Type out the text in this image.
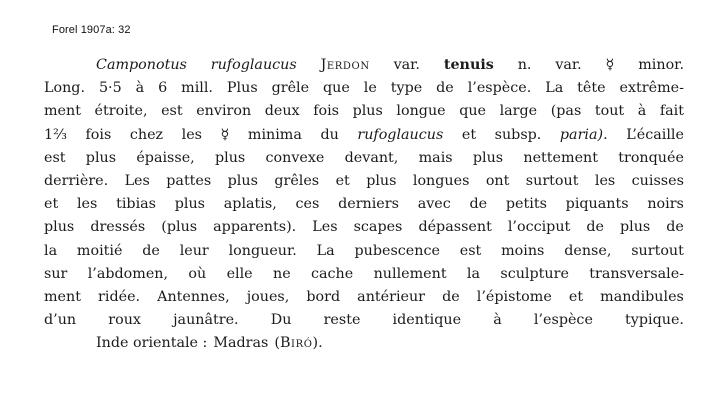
Forel 1907a: 32
Camponotus rufoglaucus Jerdon var. tenuis n. var. ☿ minor.
Long. 5·5 à 6 mill. Plus grêle que le type de l’espèce. La tête extrême-
ment étroite, est environ deux fois plus longue que large (pas tout à fait
1⅔ fois chez les ☿ minima du rufoglaucus et subsp. paria). L’écaille
est plus épaisse, plus convexe devant, mais plus nettement tronquée
derrière. Les pattes plus grêles et plus longues ont surtout les cuisses
et les tibias plus aplatis, ces derniers avec de petits piquants noirs
plus dressés (plus apparents). Les scapes dépassent l’occiput de plus de
la moitié de leur longueur. La pubescence est moins dense, surtout
sur l’abdomen, où elle ne cache nullement la sculpture transversale-
ment ridée. Antennes, joues, bord antérieur de l’épistome et mandibules
d’un roux jaunâtre. Du reste identique à l’espèce typique.
Inde orientale : Madras ( Biró ).
